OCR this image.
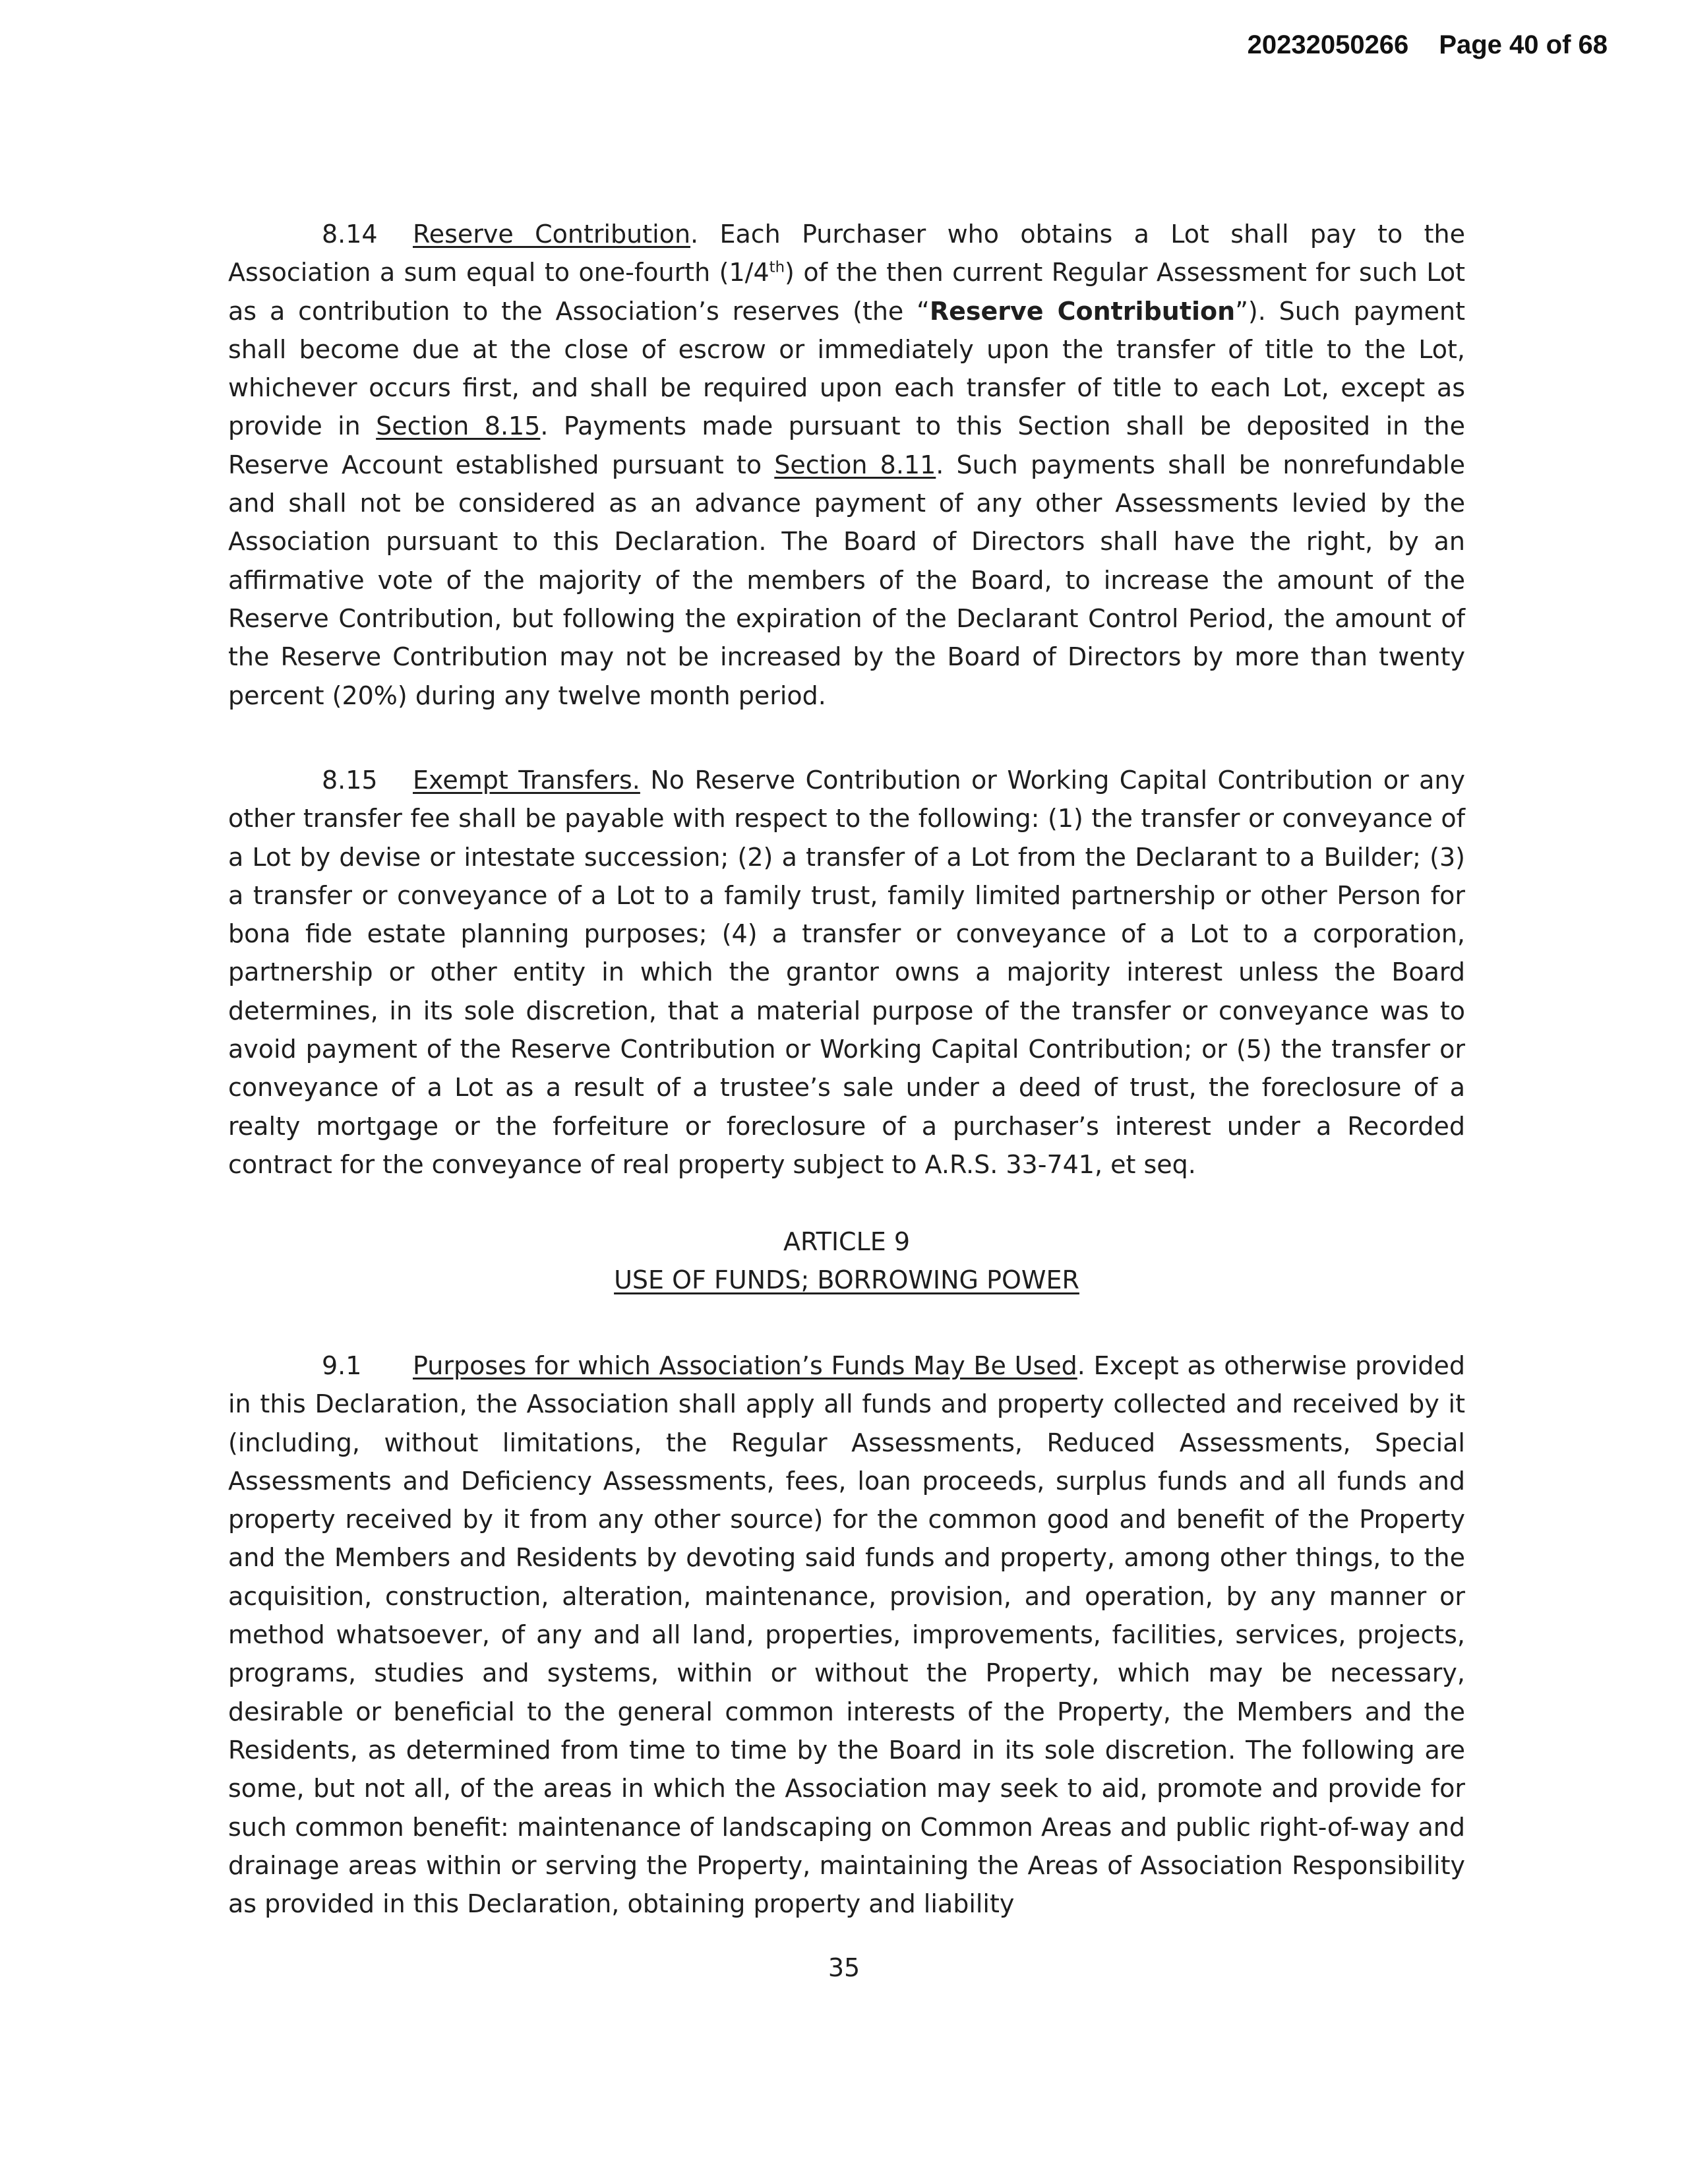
20232050266 Page 40 of 68

8.14 Reserve Contribution. Each Purchaser who obtains a Lot shall pay to the Association a sum equal to one-fourth (1/4th) of the then current Regular Assessment for such Lot as a contribution to the Association’s reserves (the “Reserve Contribution”). Such payment shall become due at the close of escrow or immediately upon the transfer of title to the Lot, whichever occurs first, and shall be required upon each transfer of title to each Lot, except as provide in Section 8.15. Payments made pursuant to this Section shall be deposited in the Reserve Account established pursuant to Section 8.11. Such payments shall be nonrefundable and shall not be considered as an advance payment of any other Assessments levied by the Association pursuant to this Declaration. The Board of Directors shall have the right, by an affirmative vote of the majority of the members of the Board, to increase the amount of the Reserve Contribution, but following the expiration of the Declarant Control Period, the amount of the Reserve Contribution may not be increased by the Board of Directors by more than twenty percent (20%) during any twelve month period.

8.15 Exempt Transfers. No Reserve Contribution or Working Capital Contribution or any other transfer fee shall be payable with respect to the following: (1) the transfer or conveyance of a Lot by devise or intestate succession; (2) a transfer of a Lot from the Declarant to a Builder; (3) a transfer or conveyance of a Lot to a family trust, family limited partnership or other Person for bona fide estate planning purposes; (4) a transfer or conveyance of a Lot to a corporation, partnership or other entity in which the grantor owns a majority interest unless the Board determines, in its sole discretion, that a material purpose of the transfer or conveyance was to avoid payment of the Reserve Contribution or Working Capital Contribution; or (5) the transfer or conveyance of a Lot as a result of a trustee’s sale under a deed of trust, the foreclosure of a realty mortgage or the forfeiture or foreclosure of a purchaser’s interest under a Recorded contract for the conveyance of real property subject to A.R.S. 33-741, et seq.

ARTICLE 9
USE OF FUNDS; BORROWING POWER

9.1 Purposes for which Association’s Funds May Be Used. Except as otherwise provided in this Declaration, the Association shall apply all funds and property collected and received by it (including, without limitations, the Regular Assessments, Reduced Assessments, Special Assessments and Deficiency Assessments, fees, loan proceeds, surplus funds and all funds and property received by it from any other source) for the common good and benefit of the Property and the Members and Residents by devoting said funds and property, among other things, to the acquisition, construction, alteration, maintenance, provision, and operation, by any manner or method whatsoever, of any and all land, properties, improvements, facilities, services, projects, programs, studies and systems, within or without the Property, which may be necessary, desirable or beneficial to the general common interests of the Property, the Members and the Residents, as determined from time to time by the Board in its sole discretion. The following are some, but not all, of the areas in which the Association may seek to aid, promote and provide for such common benefit: maintenance of landscaping on Common Areas and public right-of-way and drainage areas within or serving the Property, maintaining the Areas of Association Responsibility as provided in this Declaration, obtaining property and liability

35
